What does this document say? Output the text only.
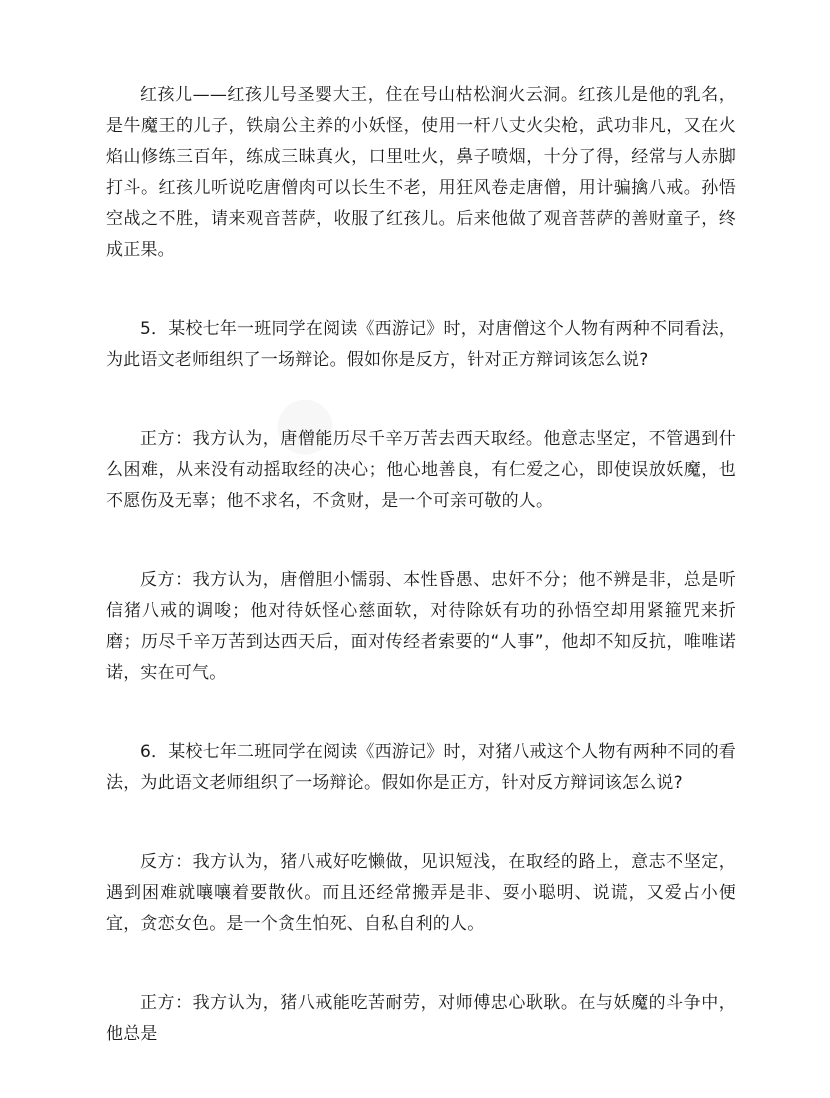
●

红孩儿——红孩儿号圣婴大王，住在号山枯松涧火云洞。红孩儿是他的乳名，是牛魔王的儿子，铁扇公主养的小妖怪，使用一杆八丈火尖枪，武功非凡，又在火焰山修练三百年，练成三昧真火，口里吐火，鼻子喷烟，十分了得，经常与人赤脚打斗。红孩儿听说吃唐僧肉可以长生不老，用狂风卷走唐僧，用计骗擒八戒。孙悟空战之不胜，请来观音菩萨，收服了红孩儿。后来他做了观音菩萨的善财童子，终成正果。

5．某校七年一班同学在阅读《西游记》时，对唐僧这个人物有两种不同看法，为此语文老师组织了一场辩论。假如你是反方，针对正方辩词该怎么说?

正方：我方认为，唐僧能历尽千辛万苦去西天取经。他意志坚定，不管遇到什么困难，从来没有动摇取经的决心；他心地善良，有仁爱之心，即使误放妖魔，也不愿伤及无辜；他不求名，不贪财，是一个可亲可敬的人。

反方：我方认为，唐僧胆小懦弱、本性昏愚、忠奸不分；他不辨是非，总是听信猪八戒的调唆；他对待妖怪心慈面软，对待除妖有功的孙悟空却用紧箍咒来折磨；历尽千辛万苦到达西天后，面对传经者索要的“人事”，他却不知反抗，唯唯诺诺，实在可气。

6．某校七年二班同学在阅读《西游记》时，对猪八戒这个人物有两种不同的看法，为此语文老师组织了一场辩论。假如你是正方，针对反方辩词该怎么说?

反方：我方认为，猪八戒好吃懒做，见识短浅，在取经的路上，意志不坚定，遇到困难就嚷嚷着要散伙。而且还经常搬弄是非、耍小聪明、说谎，又爱占小便宜，贪恋女色。是一个贪生怕死、自私自利的人。

正方：我方认为，猪八戒能吃苦耐劳，对师傅忠心耿耿。在与妖魔的斗争中，他总是
